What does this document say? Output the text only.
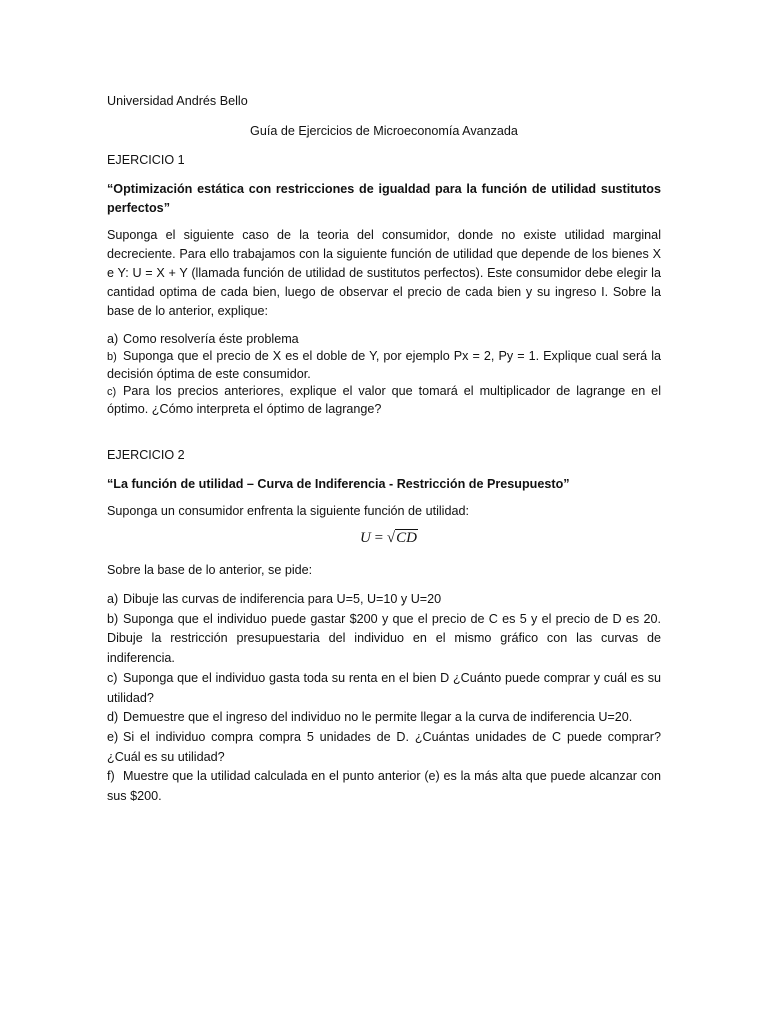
Universidad Andrés Bello

Guía de Ejercicios de Microeconomía Avanzada

EJERCICIO 1

“Optimización estática con restricciones de igualdad para la función de utilidad sustitutos perfectos”

Suponga el siguiente caso de la teoria del consumidor, donde no existe utilidad marginal decreciente. Para ello trabajamos con la siguiente función de utilidad que depende de los bienes X e Y: U = X + Y (llamada función de utilidad de sustitutos perfectos). Este consumidor debe elegir la cantidad optima de cada bien, luego de observar el precio de cada bien y su ingreso I. Sobre la base de lo anterior, explique:

a) Como resolvería éste problema
b) Suponga que el precio de X es el doble de Y, por ejemplo Px = 2, Py = 1. Explique cual será la decisión óptima de este consumidor.
c) Para los precios anteriores, explique el valor que tomará el multiplicador de lagrange en el óptimo. ¿Cómo interpreta el óptimo de lagrange?

EJERCICIO 2

“La función de utilidad – Curva de Indiferencia - Restricción de Presupuesto”

Suponga un consumidor enfrenta la siguiente función de utilidad:

U = √CD

Sobre la base de lo anterior, se pide:

a) Dibuje las curvas de indiferencia para U=5, U=10 y U=20
b) Suponga que el individuo puede gastar $200 y que el precio de C es 5 y el precio de D es 20. Dibuje la restricción presupuestaria del individuo en el mismo gráfico con las curvas de indiferencia.
c) Suponga que el individuo gasta toda su renta en el bien D ¿Cuánto puede comprar y cuál es su utilidad?
d) Demuestre que el ingreso del individuo no le permite llegar a la curva de indiferencia U=20.
e) Si el individuo compra compra 5 unidades de D. ¿Cuántas unidades de C puede comprar? ¿Cuál es su utilidad?
f) Muestre que la utilidad calculada en el punto anterior (e) es la más alta que puede alcanzar con sus $200.
